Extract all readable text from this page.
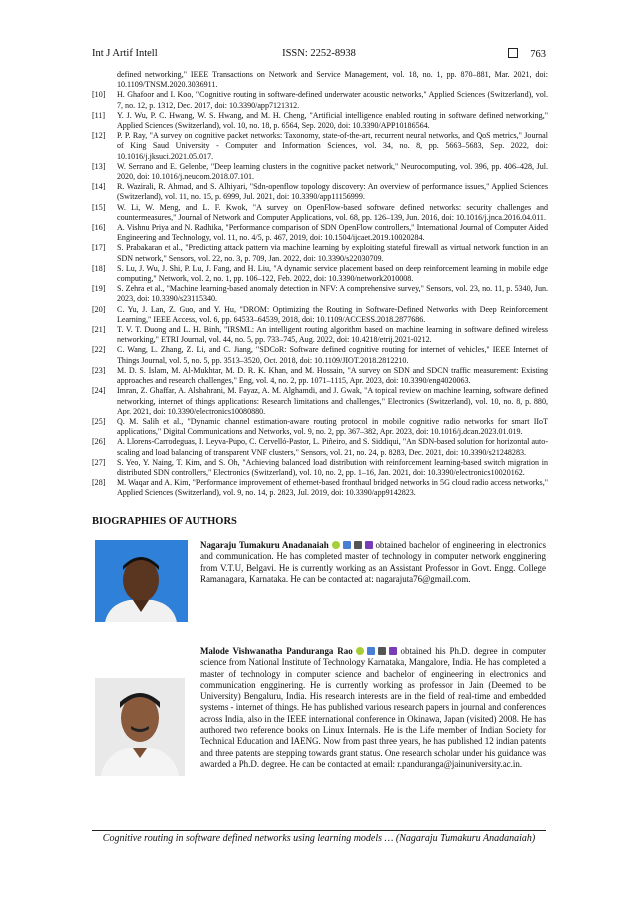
Int J Artif Intell	ISSN: 2252-8938	763
defined networking," IEEE Transactions on Network and Service Management, vol. 18, no. 1, pp. 870–881, Mar. 2021, doi: 10.1109/TNSM.2020.3036911.
[10] H. Ghafoor and I. Koo, "Cognitive routing in software-defined underwater acoustic networks," Applied Sciences (Switzerland), vol. 7, no. 12, p. 1312, Dec. 2017, doi: 10.3390/app7121312.
[11] Y. J. Wu, P. C. Hwang, W. S. Hwang, and M. H. Cheng, "Artificial intelligence enabled routing in software defined networking," Applied Sciences (Switzerland), vol. 10, no. 18, p. 6564, Sep. 2020, doi: 10.3390/APP10186564.
[12] P. P. Ray, "A survey on cognitive packet networks: Taxonomy, state-of-the-art, recurrent neural networks, and QoS metrics," Journal of King Saud University - Computer and Information Sciences, vol. 34, no. 8, pp. 5663–5683, Sep. 2022, doi: 10.1016/j.jksuci.2021.05.017.
[13] W. Serrano and E. Gelenbe, "Deep learning clusters in the cognitive packet network," Neurocomputing, vol. 396, pp. 406–428, Jul. 2020, doi: 10.1016/j.neucom.2018.07.101.
[14] R. Wazirali, R. Ahmad, and S. Alhiyari, "Sdn-openflow topology discovery: An overview of performance issues," Applied Sciences (Switzerland), vol. 11, no. 15, p. 6999, Jul. 2021, doi: 10.3390/app11156999.
[15] W. Li, W. Meng, and L. F. Kwok, "A survey on OpenFlow-based software defined networks: security challenges and countermeasures," Journal of Network and Computer Applications, vol. 68, pp. 126–139, Jun. 2016, doi: 10.1016/j.jnca.2016.04.011.
[16] A. Vishnu Priya and N. Radhika, "Performance comparison of SDN OpenFlow controllers," International Journal of Computer Aided Engineering and Technology, vol. 11, no. 4/5, p. 467, 2019, doi: 10.1504/ijcaet.2019.10020284.
[17] S. Prabakaran et al., "Predicting attack pattern via machine learning by exploiting stateful firewall as virtual network function in an SDN network," Sensors, vol. 22, no. 3, p. 709, Jan. 2022, doi: 10.3390/s22030709.
[18] S. Lu, J. Wu, J. Shi, P. Lu, J. Fang, and H. Liu, "A dynamic service placement based on deep reinforcement learning in mobile edge computing," Network, vol. 2, no. 1, pp. 106–122, Feb. 2022, doi: 10.3390/network2010008.
[19] S. Zehra et al., "Machine learning-based anomaly detection in NFV: A comprehensive survey," Sensors, vol. 23, no. 11, p. 5340, Jun. 2023, doi: 10.3390/s23115340.
[20] C. Yu, J. Lan, Z. Guo, and Y. Hu, "DROM: Optimizing the Routing in Software-Defined Networks with Deep Reinforcement Learning," IEEE Access, vol. 6, pp. 64533–64539, 2018, doi: 10.1109/ACCESS.2018.2877686.
[21] T. V. T. Duong and L. H. Binh, "IRSML: An intelligent routing algorithm based on machine learning in software defined wireless networking," ETRI Journal, vol. 44, no. 5, pp. 733–745, Aug. 2022, doi: 10.4218/etrij.2021-0212.
[22] C. Wang, L. Zhang, Z. Li, and C. Jiang, "SDCoR: Software defined cognitive routing for internet of vehicles," IEEE Internet of Things Journal, vol. 5, no. 5, pp. 3513–3520, Oct. 2018, doi: 10.1109/JIOT.2018.2812210.
[23] M. D. S. Islam, M. Al-Mukhtar, M. D. R. K. Khan, and M. Hossain, "A survey on SDN and SDCN traffic measurement: Existing approaches and research challenges," Eng, vol. 4, no. 2, pp. 1071–1115, Apr. 2023, doi: 10.3390/eng4020063.
[24] Imran, Z. Ghaffar, A. Alshahrani, M. Fayaz, A. M. Alghamdi, and J. Gwak, "A topical review on machine learning, software defined networking, internet of things applications: Research limitations and challenges," Electronics (Switzerland), vol. 10, no. 8, p. 880, Apr. 2021, doi: 10.3390/electronics10080880.
[25] Q. M. Salih et al., "Dynamic channel estimation-aware routing protocol in mobile cognitive radio networks for smart IIoT applications," Digital Communications and Networks, vol. 9, no. 2, pp. 367–382, Apr. 2023, doi: 10.1016/j.dcan.2023.01.019.
[26] A. Llorens-Carrodeguas, I. Leyva-Pupo, C. Cervelló-Pastor, L. Piñeiro, and S. Siddiqui, "An SDN-based solution for horizontal auto-scaling and load balancing of transparent VNF clusters," Sensors, vol. 21, no. 24, p. 8283, Dec. 2021, doi: 10.3390/s21248283.
[27] S. Yeo, Y. Naing, T. Kim, and S. Oh, "Achieving balanced load distribution with reinforcement learning-based switch migration in distributed SDN controllers," Electronics (Switzerland), vol. 10, no. 2, pp. 1–16, Jan. 2021, doi: 10.3390/electronics10020162.
[28] M. Waqar and A. Kim, "Performance improvement of ethernet-based fronthaul bridged networks in 5G cloud radio access networks," Applied Sciences (Switzerland), vol. 9, no. 14, p. 2823, Jul. 2019, doi: 10.3390/app9142823.
BIOGRAPHIES OF AUTHORS
Nagaraju Tumakuru Anadanaiah	obtained bachelor of engineering in electronics and communication. He has completed master of technology in computer network engginering from V.T.U, Belgavi. He is currently working as an Assistant Professor in Govt. Engg. College Ramanagara, Karnataka. He can be contacted at: nagarajuta76@gmail.com.
Malode Vishwanatha Panduranga Rao	obtained his Ph.D. degree in computer science from National Institute of Technology Karnataka, Mangalore, India. He has completed a master of technology in computer science and bachelor of engineering in electronics and communication engginering. He is currently working as professor in Jain (Deemed to be University) Bengaluru, India. His research interests are in the field of real-time and embedded systems - internet of things. He has published various research papers in journal and conferences across India, also in the IEEE international conference in Okinawa, Japan (visited) 2008. He has authored two reference books on Linux Internals. He is the Life member of Indian Society for Technical Education and IAENG. Now from past three years, he has published 12 indian patents and three patents are stepping towards grant status. One research scholar under his guidance was awarded a Ph.D. degree. He can be contacted at email: r.panduranga@jainuniversity.ac.in.
Cognitive routing in software defined networks using learning models … (Nagaraju Tumakuru Anadanaiah)
